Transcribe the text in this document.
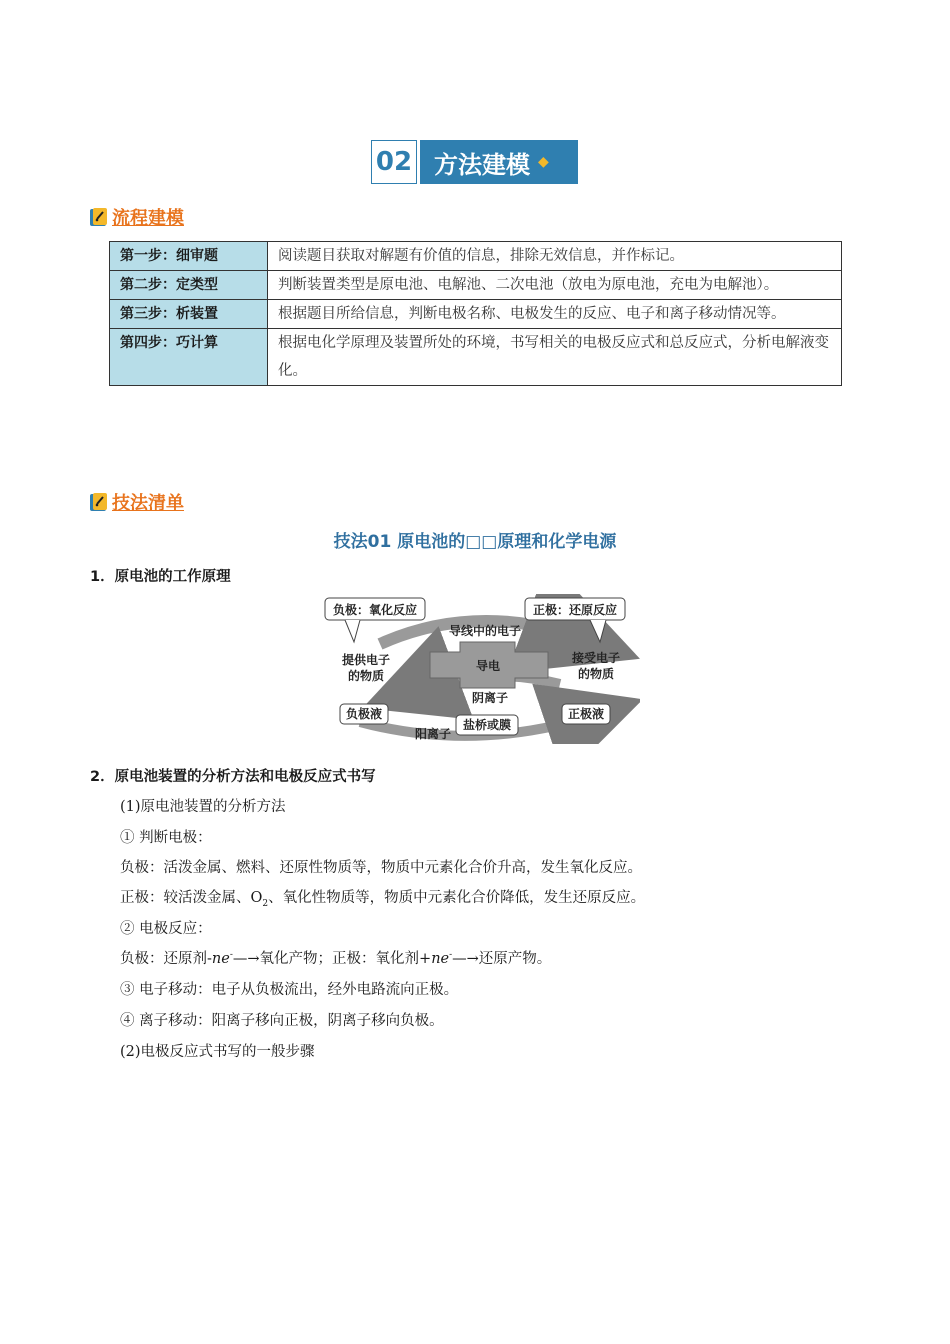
02 方法建模 ◆
流程建模
第一步：细审题	阅读题目获取对解题有价值的信息，排除无效信息，并作标记。
第二步：定类型	判断装置类型是原电池、电解池、二次电池（放电为原电池，充电为电解池）。
第三步：析装置	根据题目所给信息，判断电极名称、电极发生的反应、电子和离子移动情况等。
第四步：巧计算	根据电化学原理及装置所处的环境，书写相关的电极反应式和总反应式，分析电解液变化。
技法清单
技法01 原电池的□□原理和化学电源
1．原电池的工作原理
负极：氧化反应	正极：还原反应
导线中的电子
提供电子
的物质
接受电子
的物质
导电
阴离子
负极液	正极液
盐桥或膜
阳离子
2．原电池装置的分析方法和电极反应式书写
(1)原电池装置的分析方法
① 判断电极：
负极：活泼金属、燃料、还原性物质等，物质中元素化合价升高，发生氧化反应。
正极：较活泼金属、$O_2$、氧化性物质等，物质中元素化合价降低，发生还原反应。
② 电极反应：
负极：还原剂-ne-—→氧化产物；正极：氧化剂+ne-—→还原产物。
③ 电子移动：电子从负极流出，经外电路流向正极。
④ 离子移动：阳离子移向正极，阴离子移向负极。
(2)电极反应式书写的一般步骤
